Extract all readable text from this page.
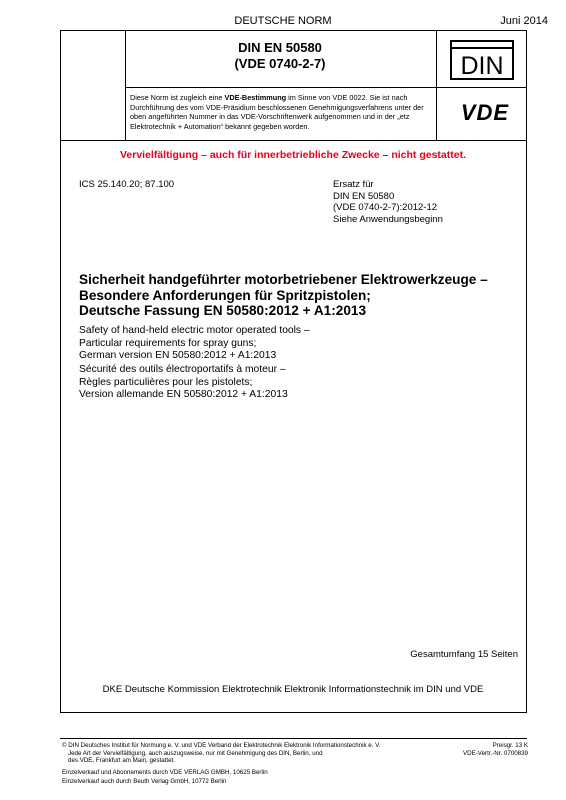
DEUTSCHE NORM	Juni 2014
DIN EN 50580
(VDE 0740-2-7)	DIN
VDE
Diese Norm ist zugleich eine VDE-Bestimmung im Sinne von VDE 0022. Sie ist nach Durchführung des vom VDE-Präsidium beschlossenen Genehmigungsverfahrens unter der oben angeführten Nummer in das VDE-Vorschriftenwerk aufgenommen und in der „etz Elektrotechnik + Automation“ bekannt gegeben worden.
Vervielfältigung – auch für innerbetriebliche Zwecke – nicht gestattet.
ICS 25.140.20; 87.100	Ersatz für
DIN EN 50580
(VDE 0740-2-7):2012-12
Siehe Anwendungsbeginn
Sicherheit handgeführter motorbetriebener Elektrowerkzeuge –
Besondere Anforderungen für Spritzpistolen;
Deutsche Fassung EN 50580:2012 + A1:2013
Safety of hand-held electric motor operated tools –
Particular requirements for spray guns;
German version EN 50580:2012 + A1:2013
Sécurité des outils électroportatifs à moteur –
Règles particulières pour les pistolets;
Version allemande EN 50580:2012 + A1:2013
Gesamtumfang 15 Seiten
DKE Deutsche Kommission Elektrotechnik Elektronik Informationstechnik im DIN und VDE
© DIN Deutsches Institut für Normung e. V. und VDE Verband der Elektrotechnik Elektronik Informationstechnik e. V.
Jede Art der Vervielfältigung, auch auszugsweise, nur mit Genehmigung des DIN, Berlin, und
des VDE, Frankfurt am Main, gestattet.
Preisgr. 13 K
VDE-Vertr.-Nr. 0700839
Einzelverkauf und Abonnements durch VDE VERLAG GMBH, 10625 Berlin
Einzelverkauf auch durch Beuth Verlag GmbH, 10772 Berlin
